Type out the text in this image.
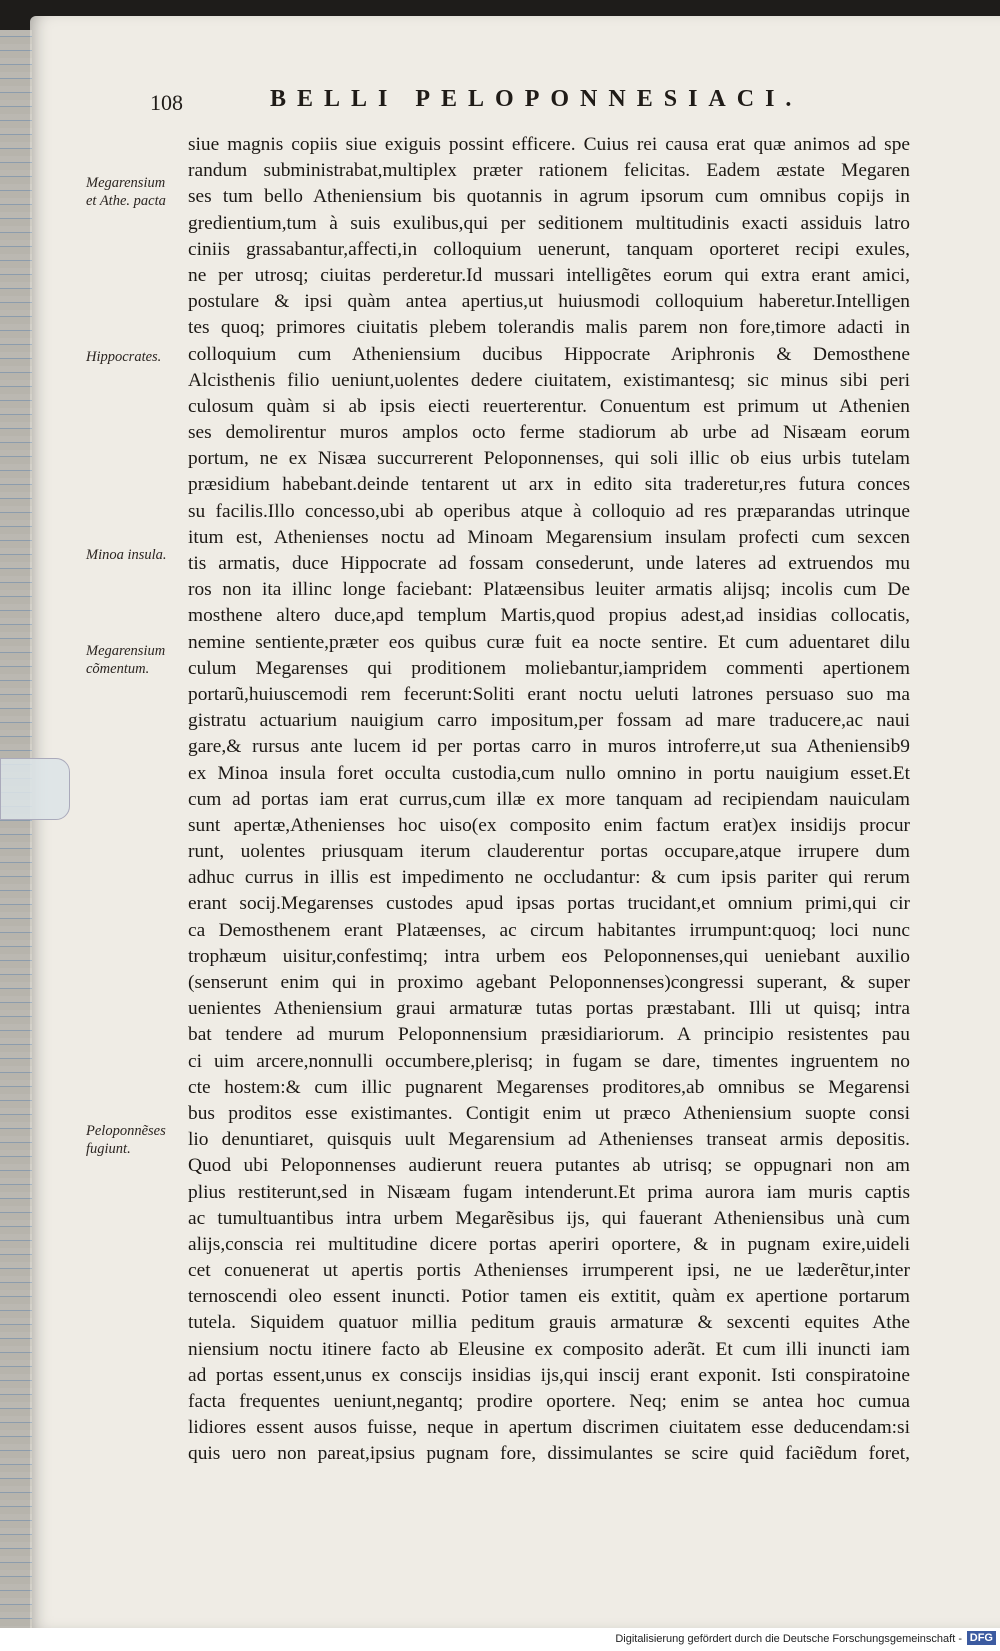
108	BELLI PELOPONNESIACI.
Megarensium
et Athe. pacta
Hippocrates.
Minoa insula.
Megarensium
cõmentum.
Peloponnẽses
fugiunt.
siue magnis copiis siue exiguis possint efficere. Cuius rei causa erat quæ animos ad spe
randum subministrabat,multiplex præter rationem felicitas. Eadem æstate Megaren
ses tum bello Atheniensium bis quotannis in agrum ipsorum cum omnibus copijs in
gredientium,tum à suis exulibus,qui per seditionem multitudinis exacti assiduis latro
ciniis grassabantur,affecti,in colloquium uenerunt, tanquam oporteret recipi exules,
ne per utrosq; ciuitas perderetur.Id mussari intelligẽtes eorum qui extra erant amici,
postulare & ipsi quàm antea apertius,ut huiusmodi colloquium haberetur.Intelligen
tes quoq; primores ciuitatis plebem tolerandis malis parem non fore,timore adacti in
colloquium cum Atheniensium ducibus Hippocrate Ariphronis & Demosthene
Alcisthenis filio ueniunt,uolentes dedere ciuitatem, existimantesq; sic minus sibi peri
culosum quàm si ab ipsis eiecti reuerterentur. Conuentum est primum ut Athenien
ses demolirentur muros amplos octo ferme stadiorum ab urbe ad Nisæam eorum
portum, ne ex Nisæa succurrerent Peloponnenses, qui soli illic ob eius urbis tutelam
præsidium habebant.deinde tentarent ut arx in edito sita traderetur,res futura conces
su facilis.Illo concesso,ubi ab operibus atque à colloquio ad res præparandas utrinque
itum est, Athenienses noctu ad Minoam Megarensium insulam profecti cum sexcen
tis armatis, duce Hippocrate ad fossam consederunt, unde lateres ad extruendos mu
ros non ita illinc longe faciebant: Platæensibus leuiter armatis alijsq; incolis cum De
mosthene altero duce,apd templum Martis,quod propius adest,ad insidias collocatis,
nemine sentiente,præter eos quibus curæ fuit ea nocte sentire. Et cum aduentaret dilu
culum Megarenses qui proditionem moliebantur,iampridem commenti apertionem
portarũ,huiuscemodi rem fecerunt:Soliti erant noctu ueluti latrones persuaso suo ma
gistratu actuarium nauigium carro impositum,per fossam ad mare traducere,ac naui
gare,& rursus ante lucem id per portas carro in muros introferre,ut sua Atheniensib9
ex Minoa insula foret occulta custodia,cum nullo omnino in portu nauigium esset.Et
cum ad portas iam erat currus,cum illæ ex more tanquam ad recipiendam nauiculam
sunt apertæ,Athenienses hoc uiso(ex composito enim factum erat)ex insidijs procur
runt, uolentes priusquam iterum clauderentur portas occupare,atque irrupere dum
adhuc currus in illis est impedimento ne occludantur: & cum ipsis pariter qui rerum
erant socij.Megarenses custodes apud ipsas portas trucidant,et omnium primi,qui cir
ca Demosthenem erant Platæenses, ac circum habitantes irrumpunt:quoq; loci nunc
trophæum uisitur,confestimq; intra urbem eos Peloponnenses,qui ueniebant auxilio
(senserunt enim qui in proximo agebant Peloponnenses)congressi superant, & super
uenientes Atheniensium graui armaturæ tutas portas præstabant. Illi ut quisq; intra
bat tendere ad murum Peloponnensium præsidiariorum. A principio resistentes pau
ci uim arcere,nonnulli occumbere,plerisq; in fugam se dare, timentes ingruentem no
cte hostem:& cum illic pugnarent Megarenses proditores,ab omnibus se Megarensi
bus proditos esse existimantes. Contigit enim ut præco Atheniensium suopte consi
lio denuntiaret, quisquis uult Megarensium ad Athenienses transeat armis depositis.
Quod ubi Peloponnenses audierunt reuera putantes ab utrisq; se oppugnari non am
plius restiterunt,sed in Nisæam fugam intenderunt.Et prima aurora iam muris captis
ac tumultuantibus intra urbem Megarẽsibus ijs, qui fauerant Atheniensibus unà cum
alijs,conscia rei multitudine dicere portas aperiri oportere, & in pugnam exire,uideli
cet conuenerat ut apertis portis Athenienses irrumperent ipsi, ne ue læderẽtur,inter
ternoscendi oleo essent inuncti. Potior tamen eis extitit, quàm ex apertione portarum
tutela. Siquidem quatuor millia peditum grauis armaturæ & sexcenti equites Athe
niensium noctu itinere facto ab Eleusine ex composito aderãt. Et cum illi inuncti iam
ad portas essent,unus ex conscijs insidias ijs,qui inscij erant exponit. Isti conspiratoine
facta frequentes ueniunt,negantq; prodire oportere. Neq; enim se antea hoc cumua
lidiores essent ausos fuisse, neque in apertum discrimen ciuitatem esse deducendam:si
quis uero non pareat,ipsius pugnam fore, dissimulantes se scire quid faciẽdum foret,
Digitalisierung gefördert durch die Deutsche Forschungsgemeinschaft - DFG
